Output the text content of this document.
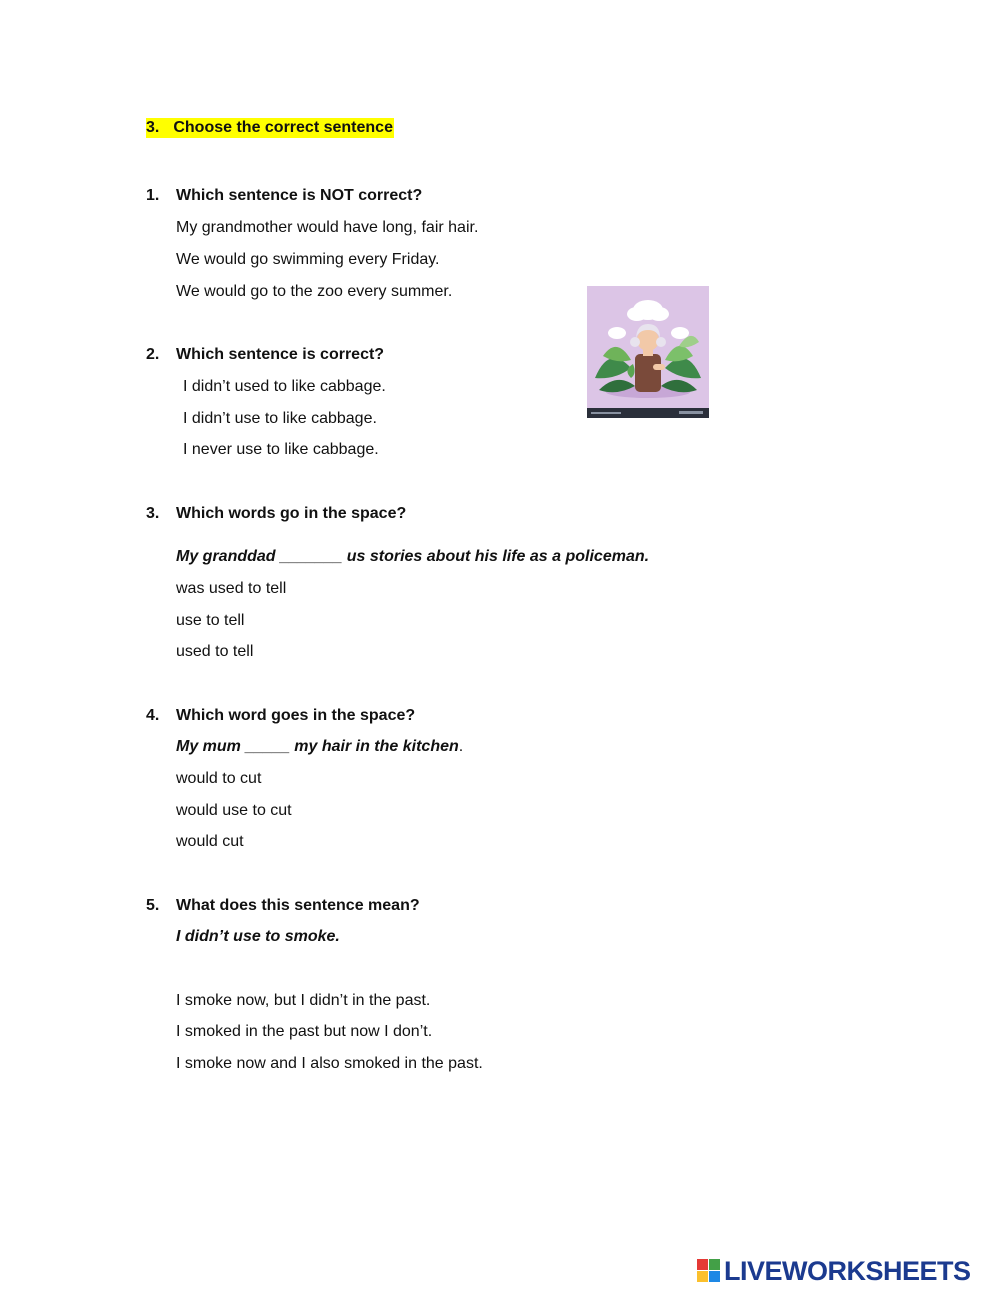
3. Choose the correct sentence
1. Which sentence is NOT correct?
My grandmother would have long, fair hair.
We would go swimming every Friday.
We would go to the zoo every summer.
2. Which sentence is correct?
I didn’t used to like cabbage.
I didn’t use to like cabbage.
I never use to like cabbage.
3. Which words go in the space?
My granddad _______ us stories about his life as a policeman.
was used to tell
use to tell
used to tell
4. Which word goes in the space?
My mum _____ my hair in the kitchen.
would to cut
would use to cut
would cut
5. What does this sentence mean?
I didn’t use to smoke.
I smoke now, but I didn’t in the past.
I smoked in the past but now I don’t.
I smoke now and I also smoked in the past.
LIVEWORKSHEETS
